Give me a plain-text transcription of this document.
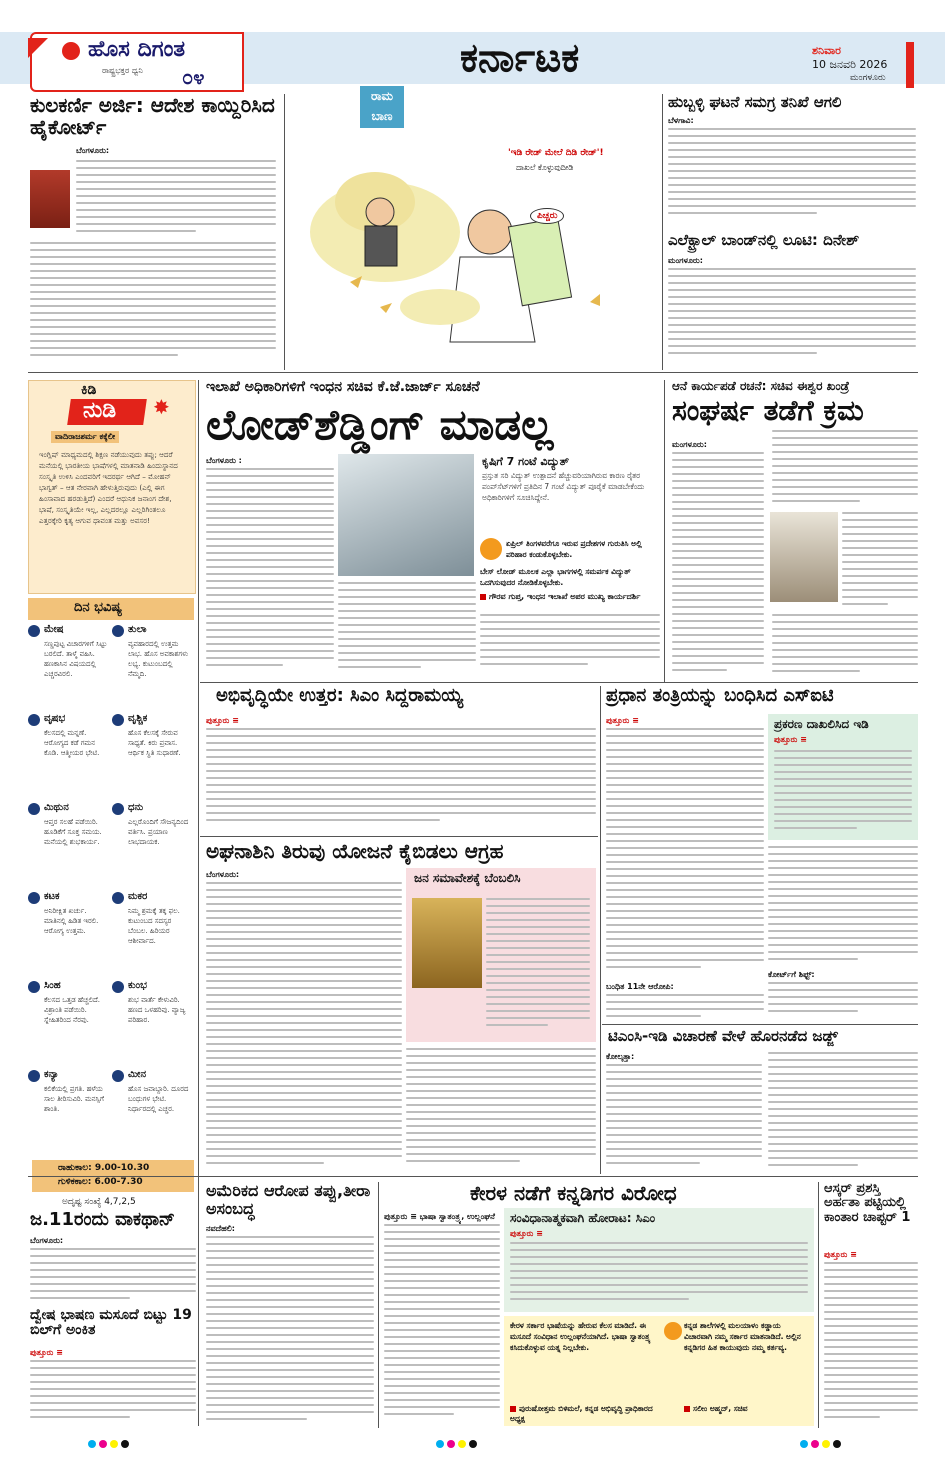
ಹೊಸ ದಿಗಂತ
ರಾಷ್ಟ್ರಭಕ್ತರ ಧ್ವನಿ ೦೪	ಕರ್ನಾಟಕ	ಶನಿವಾರ
10 ಜನವರಿ 2026
ಮಂಗಳೂರು
ಕುಲಕರ್ಣಿ ಅರ್ಜಿ: ಆದೇಶ ಕಾಯ್ದಿರಿಸಿದ ಹೈಕೋರ್ಟ್
ಬೆಂಗಳೂರು:
ರಾಮ
ಬಾಣ
'ಇಡಿ ರೇಡ್ ಮೇಲೆ ದಿಡಿ ರೇಡ್'!
ದಾಖಲೆ ಕೊಳ್ಳುವುದೀಡಿ
ಪಿಚ್ಚರು
ಹುಬ್ಬಳ್ಳಿ ಘಟನೆ ಸಮಗ್ರ ತನಿಖೆ ಆಗಲಿ
ಬೆಳಗಾವಿ:
ಎಲೆಕ್ಟ್ರಾಲ್ ಬಾಂಡ್‌ನಲ್ಲಿ ಲೂಟಿ: ದಿನೇಶ್
ಮಂಗಳೂರು:
ಕಿಡಿ
ನುಡಿ ✸
ವಾದಿರಾಜಶರ್ಮ ಕಕ್ಕೆಲೀ
ಇಂಗ್ಲಿಷ್ ಮಾಧ್ಯಮದಲ್ಲಿ ಶಿಕ್ಷಣ ನಡೆಯುವುದು ತಪ್ಪು; ಆದರೆ ಮನೆಯಲ್ಲಿ ಭಾರತೀಯ ಭಾಷೆಗಳಲ್ಲಿ ಮಾತನಾಡಿ ಹಿಂದುಸ್ಥಾನದ ಸಂಸ್ಕೃತಿ ಉಳಿಸಿ ಎಂದವರಿಗೆ ಇದರರ್ಥ ಆಗಿದೆ – ಮೋಹನ್ ಭಾಗ್ವತ್ – ಆತ ನೇರವಾಗಿ ಹೇಳುತ್ತಿರುವುದು (ಎಲ್ಲಿ ಈಗ ಹಿಂಸಾವಾದ ಹರಡುತ್ತಿದೆ) ಎಂದರೆ ಆಧುನಿಕ ಜನಾಂಗ ದೇಶ, ಭಾಷೆ, ಸಂಸ್ಕೃತಿಯೇ ಇಲ್ಲ, ಎಲ್ಲದರಲ್ಲೂ ಎಲ್ಲರಿಗಿಂತಲೂ ಎತ್ತರಕ್ಕೇರಿ ಕೃತ್ಯ ಆಗುವ ಧಾವಂತ ಮತ್ತು ಅವಸರ!
ದಿನ ಭವಿಷ್ಯ
ಮೇಷ
ಸಣ್ಣಪುಟ್ಟ ವಿಚಾರಗಳಿಗೆ ಸಿಟ್ಟು ಬರಲಿದೆ. ತಾಳ್ಮೆ ವಹಿಸಿ. ಹಣಕಾಸಿನ ವಿಷಯದಲ್ಲಿ ಎಚ್ಚರವಿರಲಿ.
ತುಲಾ
ವ್ಯವಹಾರದಲ್ಲಿ ಉತ್ತಮ ಲಾಭ. ಹೊಸ ಅವಕಾಶಗಳು ಲಭ್ಯ. ಕುಟುಂಬದಲ್ಲಿ ನೆಮ್ಮದಿ.
ವೃಷಭ
ಕೆಲಸದಲ್ಲಿ ಮನ್ನಣೆ. ಆರೋಗ್ಯದ ಕಡೆ ಗಮನ ಕೊಡಿ. ಆತ್ಮೀಯರ ಭೇಟಿ.
ವೃಶ್ಚಿಕ
ಹೊಸ ಕೆಲಸಕ್ಕೆ ಸೇರುವ ಸಾಧ್ಯತೆ. ಕಿರು ಪ್ರವಾಸ. ಆರ್ಥಿಕ ಸ್ಥಿತಿ ಸುಧಾರಣೆ.
ಮಿಥುನ
ಆಪ್ತರ ಸಲಹೆ ಪಡೆಯಿರಿ. ಹೂಡಿಕೆಗೆ ಸೂಕ್ತ ಸಮಯ. ಮನೆಯಲ್ಲಿ ಶುಭಕಾರ್ಯ.
ಧನು
ಎಲ್ಲರೊಂದಿಗೆ ಸೌಜನ್ಯದಿಂದ ವರ್ತಿಸಿ. ಪ್ರಯಾಣ ಲಾಭದಾಯಕ.
ಕಟಕ
ಅನಿರೀಕ್ಷಿತ ಖರ್ಚು. ಮಾತಿನಲ್ಲಿ ಹಿಡಿತ ಇರಲಿ. ಆರೋಗ್ಯ ಉತ್ತಮ.
ಮಕರ
ನಿಮ್ಮ ಶ್ರಮಕ್ಕೆ ತಕ್ಕ ಫಲ. ಕುಟುಂಬದ ಸದಸ್ಯರ ಬೆಂಬಲ. ಹಿರಿಯರ ಆಶೀರ್ವಾದ.
ಸಿಂಹ
ಕೆಲಸದ ಒತ್ತಡ ಹೆಚ್ಚಲಿದೆ. ವಿಶ್ರಾಂತಿ ಪಡೆಯಿರಿ. ಸ್ನೇಹಿತರಿಂದ ನೆರವು.
ಕುಂಭ
ಶುಭ ವಾರ್ತೆ ಕೇಳುವಿರಿ. ಹಣದ ಒಳಹರಿವು. ವ್ಯಾಜ್ಯ ಪರಿಹಾರ.
ಕನ್ಯಾ
ಕಲಿಕೆಯಲ್ಲಿ ಪ್ರಗತಿ. ಹಳೆಯ ಸಾಲ ತೀರಿಸುವಿರಿ. ಮನಸ್ಸಿಗೆ ಶಾಂತಿ.
ಮೀನ
ಹೊಸ ಜವಾಬ್ದಾರಿ. ದೂರದ ಬಂಧುಗಳ ಭೇಟಿ. ನಿರ್ಧಾರದಲ್ಲಿ ಎಚ್ಚರ.
ರಾಹುಕಾಲ: 9.00-10.30
ಗುಳಿಕಕಾಲ: 6.00-7.30
ಅದೃಷ್ಟ ಸಂಖ್ಯೆ 4,7,2,5
ಇಲಾಖೆ ಅಧಿಕಾರಿಗಳಿಗೆ ಇಂಧನ ಸಚಿವ ಕೆ.ಜೆ.ಜಾರ್ಜ್ ಸೂಚನೆ
ಲೋಡ್‌ಶೆಡ್ಡಿಂಗ್ ಮಾಡಲ್ಲ
ಬೆಂಗಳೂರು :	ಕೃಷಿಗೆ 7 ಗಂಟೆ ವಿದ್ಯುತ್
ಪ್ರಸ್ತುತ ಸರಿ ವಿದ್ಯುತ್ ಉತ್ಪಾದನೆ ಹೆಚ್ಚುವರಿಯಾಗಿರುವ ಕಾರಣ ರೈತರ ಪಂಪ್‌ಸೆಟ್‌ಗಳಿಗೆ ಪ್ರತಿದಿನ 7 ಗಂಟೆ ವಿದ್ಯುತ್ ಪೂರೈಕೆ ಮಾಡಬೇಕೆಂದು ಅಧಿಕಾರಿಗಳಿಗೆ ಸೂಚಿಸಿದ್ದೇನೆ.
ಏಪ್ರಿಲ್ ತಿಂಗಳವರೆಗೂ ಇರುವ ಪ್ರದೇಶಗಳ ಗುರುತಿಸಿ ಅಲ್ಲಿ ಪರಿಹಾರ ಕಂಡುಕೊಳ್ಳಬೇಕು.
ಬೇಸ್ ಲೋಡ್ ಮೂಲಕ ಎಲ್ಲಾ ಭಾಗಗಳಲ್ಲಿ ಸಮರ್ಪಕ ವಿದ್ಯುತ್ ಒದಗಿಸುವುದರ ನೋಡಿಕೊಳ್ಳಬೇಕು.
ಗೌರವ ಗುಪ್ತ, ಇಂಧನ ಇಲಾಖೆ ಅಪರ ಮುಖ್ಯ ಕಾರ್ಯದರ್ಶಿ
ಆನೆ ಕಾರ್ಯಪಡೆ ರಚನೆ: ಸಚಿವ ಈಶ್ವರ ಖಂಡ್ರೆ
ಸಂಘರ್ಷ ತಡೆಗೆ ಕ್ರಮ
ಮಂಗಳೂರು:
ಅಭಿವೃದ್ಧಿಯೇ ಉತ್ತರ: ಸಿಎಂ ಸಿದ್ದರಾಮಯ್ಯ
ಪುತ್ತೂರು ≡
ಅಘನಾಶಿನಿ ತಿರುವು ಯೋಜನೆ ಕೈಬಿಡಲು ಆಗ್ರಹ
ಬೆಂಗಳೂರು:	ಜನ ಸಮಾವೇಶಕ್ಕೆ ಬೆಂಬಲಿಸಿ
ಪ್ರಧಾನ ತಂತ್ರಿಯನ್ನು ಬಂಧಿಸಿದ ಎಸ್‌ಐಟಿ
ಪುತ್ತೂರು ≡	ಪ್ರಕರಣ ದಾಖಲಿಸಿದ ಇಡಿ
ಪುತ್ತೂರು ≡
ಬಂಧಿತ 11ನೇ ಆರೋಪಿ:
ಕೋರ್ಟ್‌ಗೆ ಶಿಫ್ಟ್:
ಟಿಎಂಸಿ-ಇಡಿ ವಿಚಾರಣೆ ವೇಳೆ ಹೊರನಡೆದ ಜಡ್ಜ್
ಕೋಲ್ಕತ್ತಾ:
ಜ.11ರಂದು ವಾಕಥಾನ್
ಬೆಂಗಳೂರು:
ದ್ವೇಷ ಭಾಷಣ ಮಸೂದೆ ಬಿಟ್ಟು 19 ಬಿಲ್‌ಗೆ ಅಂಕಿತ
ಪುತ್ತೂರು ≡
ಅಮೆರಿಕದ ಆರೋಪ ತಪ್ಪು,ತೀರಾ ಅಸಂಬದ್ಧ
ನವದೆಹಲಿ:
ಕೇರಳ ನಡೆಗೆ ಕನ್ನಡಿಗರ ವಿರೋಧ
ಪುತ್ತೂರು ≡ ಭಾಷಾ ಸ್ವಾತಂತ್ರ್ಯ, ಉಲ್ಲಂಘನೆ ಸಂವಿಧಾನಾತ್ಮಕವಾಗಿ ಹೋರಾಟ: ಸಿಎಂ
ಪುತ್ತೂರು ≡
ಕೇರಳ ಸರ್ಕಾರ ಭಾಷೆಯನ್ನು ಹೇರುವ ಕೆಲಸ ಮಾಡಿದೆ. ಈ ಮಸೂದೆ ಸಂವಿಧಾನ ಉಲ್ಲಂಘನೆಯಾಗಿದೆ. ಭಾಷಾ ಸ್ವಾತಂತ್ರ್ಯ ಕಸಿದುಕೊಳ್ಳುವ ಯತ್ನ ನಿಲ್ಲಬೇಕು.
ಪುರುಷೋತ್ತಮ ಬಿಳಿಮಲೆ, ಕನ್ನಡ ಅಭಿವೃದ್ಧಿ ಪ್ರಾಧಿಕಾರದ ಅಧ್ಯಕ್ಷ
ಕನ್ನಡ ಶಾಲೆಗಳಲ್ಲಿ ಮಲಯಾಳಂ ಕಡ್ಡಾಯ ವಿಚಾರವಾಗಿ ನಮ್ಮ ಸರ್ಕಾರ ಮಾತನಾಡಿದೆ. ಅಲ್ಲಿನ ಕನ್ನಡಿಗರ ಹಿತ ಕಾಯುವುದು ನಮ್ಮ ಕರ್ತವ್ಯ.
ಸಲೀಂ ಅಹ್ಮದ್, ಸಚಿವ
ಆಸ್ಕರ್ ಪ್ರಶಸ್ತಿ ಅರ್ಹತಾ ಪಟ್ಟಿಯಲ್ಲಿ ಕಾಂತಾರ ಚಾಪ್ಟರ್ 1
ಪುತ್ತೂರು ≡
